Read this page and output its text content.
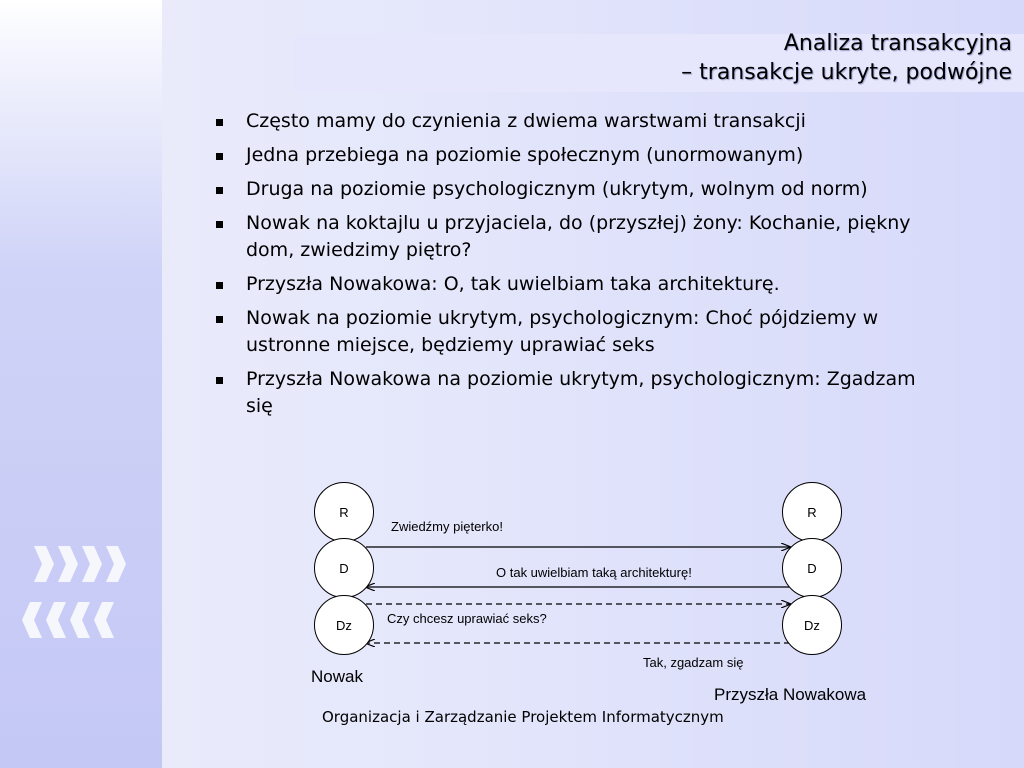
Analiza transakcyjna
– transakcje ukryte, podwójne
Często mamy do czynienia z dwiema warstwami transakcji
Jedna przebiega na poziomie społecznym (unormowanym)
Druga na poziomie psychologicznym (ukrytym, wolnym od norm)
Nowak na koktajlu u przyjaciela, do (przyszłej) żony: Kochanie, piękny dom, zwiedzimy piętro?
Przyszła Nowakowa: O, tak uwielbiam taka architekturę.
Nowak na poziomie ukrytym, psychologicznym: Choć pójdziemy w ustronne miejsce, będziemy uprawiać seks
Przyszła Nowakowa na poziomie ukrytym, psychologicznym: Zgadzam się
R
D
Dz
R
D
Dz
Zwiedźmy pięterko!
O tak uwielbiam taką architekturę!
Czy chcesz uprawiać seks?
Tak, zgadzam się
Nowak
Przyszła Nowakowa
Organizacja i Zarządzanie Projektem Informatycznym
